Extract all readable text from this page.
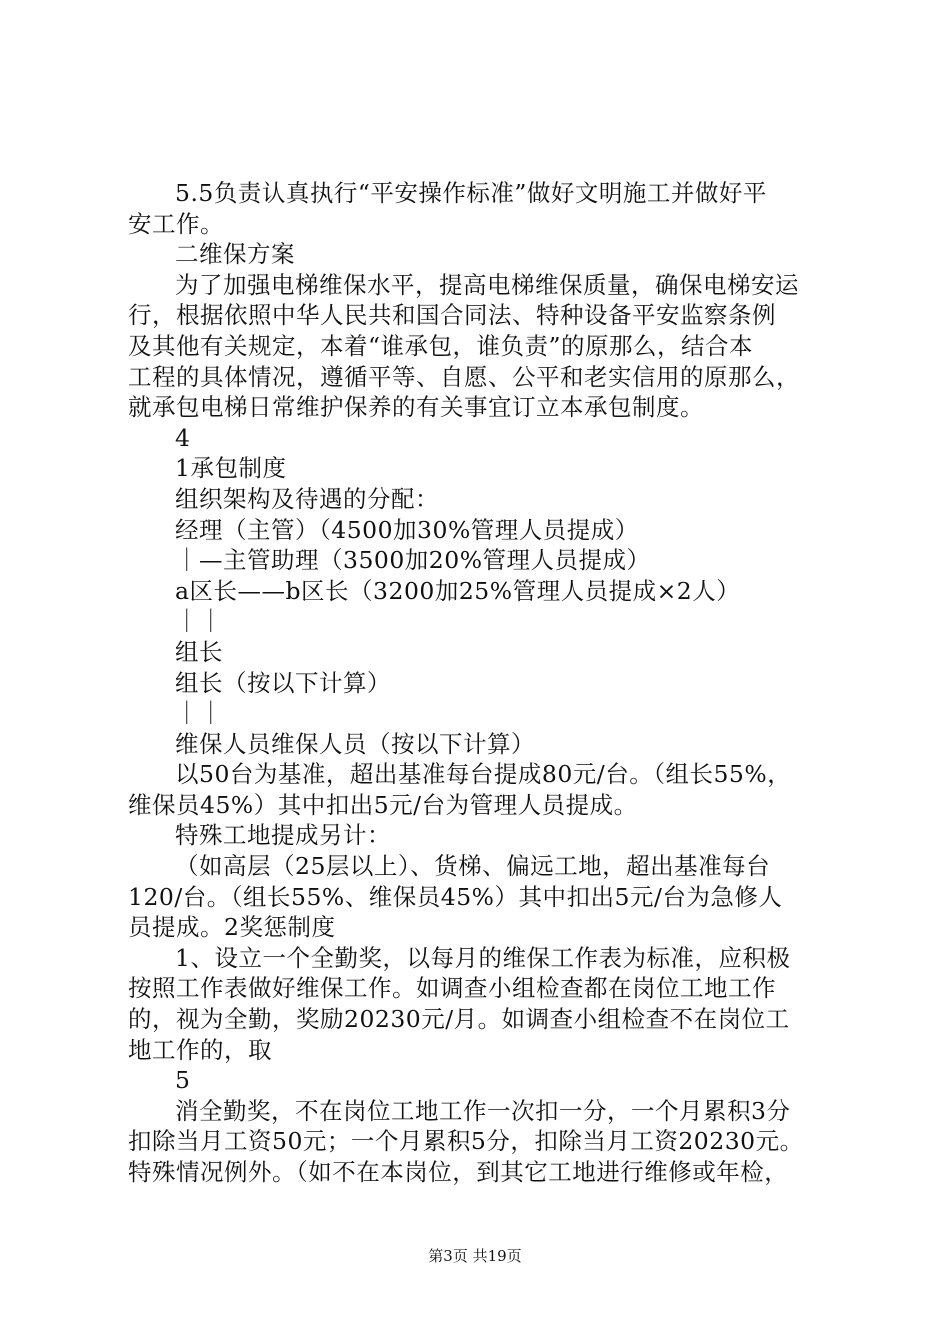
5.5负责认真执行“平安操作标准”做好文明施工并做好平
安工作。
二维保方案
为了加强电梯维保水平，提高电梯维保质量，确保电梯安运
行，根据依照中华人民共和国合同法、特种设备平安监察条例
及其他有关规定，本着“谁承包，谁负责”的原那么，结合本
工程的具体情况，遵循平等、自愿、公平和老实信用的原那么，
就承包电梯日常维护保养的有关事宜订立本承包制度。
4
1承包制度
组织架构及待遇的分配：
经理（主管）（4500加30%管理人员提成）
｜—主管助理（3500加20%管理人员提成）
a区长——b区长（3200加25%管理人员提成×2人）
｜｜
组长
组长（按以下计算）
｜｜
维保人员维保人员（按以下计算）
以50台为基准，超出基准每台提成80元/台。（组长55%，
维保员45%）其中扣出5元/台为管理人员提成。
特殊工地提成另计：
（如高层（25层以上）、货梯、偏远工地，超出基准每台
120/台。（组长55%、维保员45%）其中扣出5元/台为急修人
员提成。2奖惩制度
1、设立一个全勤奖，以每月的维保工作表为标准，应积极
按照工作表做好维保工作。如调查小组检查都在岗位工地工作
的，视为全勤，奖励20230元/月。如调查小组检查不在岗位工
地工作的，取
5
消全勤奖，不在岗位工地工作一次扣一分，一个月累积3分
扣除当月工资50元；一个月累积5分，扣除当月工资20230元。
特殊情况例外。（如不在本岗位，到其它工地进行维修或年检，
第3页 共19页
